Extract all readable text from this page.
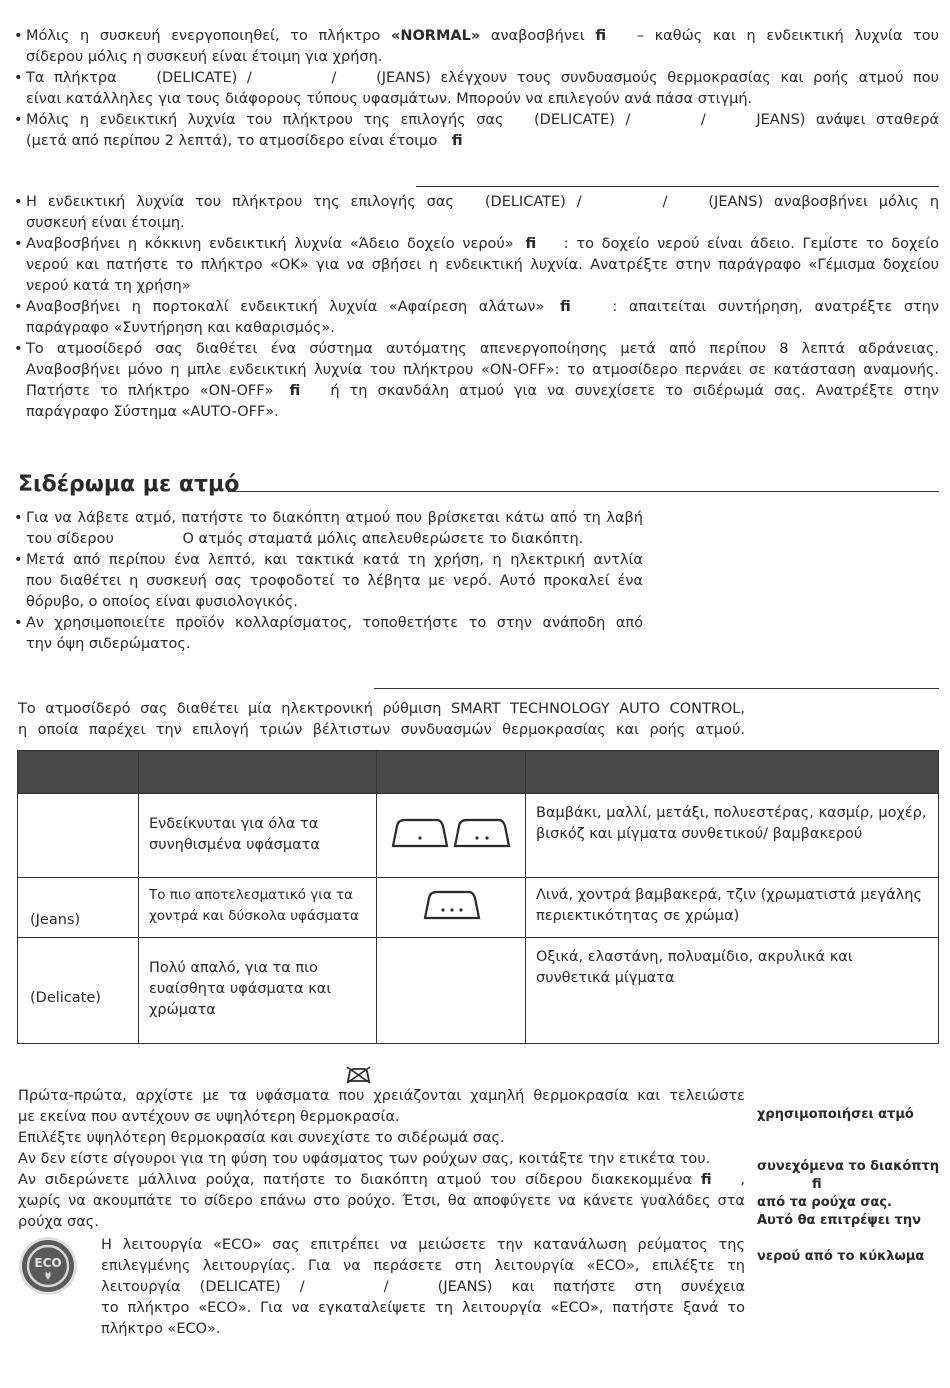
• Μόλις η συσκευή ενεργοποιηθεί, το πλήκτρο «NORMAL» αναβοσβήνει ﬁ – καθώς και η ενδεικτική λυχνία του
σίδερου μόλις η συσκευή είναι έτοιμη για χρήση.
• Τα πλήκτρα	(DELICATE) /	/	(JEANS) ελέγχουν τους συνδυασμούς θερμοκρασίας και ροής ατμού που
είναι κατάλληλες για τους διάφορους τύπους υφασμάτων. Μπορούν να επιλεγούν ανά πάσα στιγμή.
• Μόλις η ενδεικτική λυχνία του πλήκτρου της επιλογής σας (DELICATE) /	/	JEANS) ανάψει σταθερά
(μετά από περίπου 2 λεπτά), το ατμοσίδερο είναι έτοιμο ﬁ
• Η ενδεικτική λυχνία του πλήκτρου της επιλογής σας (DELICATE) /	/	(JEANS) αναβοσβήνει μόλις η
συσκευή είναι έτοιμη.
• Αναβοσβήνει η κόκκινη ενδεικτική λυχνία «Άδειο δοχείο νερού» ﬁ : το δοχείο νερού είναι άδειο. Γεμίστε το δοχείο
νερού και πατήστε το πλήκτρο «OK» για να σβήσει η ενδεικτική λυχνία. Ανατρέξτε στην παράγραφο «Γέμισμα δοχείου
νερού κατά τη χρήση»
• Αναβοσβήνει η πορτοκαλί ενδεικτική λυχνία «Αφαίρεση αλάτων» ﬁ	: απαιτείται συντήρηση, ανατρέξτε στην
παράγραφο «Συντήρηση και καθαρισμός».
• Το ατμοσίδερό σας διαθέτει ένα σύστημα αυτόματης απενεργοποίησης μετά από περίπου 8 λεπτά αδράνειας.
Αναβοσβήνει μόνο η μπλε ενδεικτική λυχνία του πλήκτρου «ON-OFF»: το ατμοσίδερο περνάει σε κατάσταση αναμονής.
Πατήστε το πλήκτρο «ON-OFF» ﬁ ή τη σκανδάλη ατμού για να συνεχίσετε το σιδέρωμά σας. Ανατρέξτε στην
παράγραφο Σύστημα «AUTO-OFF».
Σιδέρωμα με ατμό
• Για να λάβετε ατμό, πατήστε το διακόπτη ατμού που βρίσκεται κάτω από τη λαβή
του σίδερου	Ο ατμός σταματά μόλις απελευθερώσετε το διακόπτη.
• Μετά από περίπου ένα λεπτό, και τακτικά κατά τη χρήση, η ηλεκτρική αντλία
που διαθέτει η συσκευή σας τροφοδοτεί το λέβητα με νερό. Αυτό προκαλεί ένα
θόρυβο, ο οποίος είναι φυσιολογικός.
• Αν χρησιμοποιείτε προϊόν κολλαρίσματος, τοποθετήστε το στην ανάποδη από
την όψη σιδερώματος.
Το ατμοσίδερό σας διαθέτει μία ηλεκτρονική ρύθμιση SMART TECHNOLOGY AUTO CONTROL,
η οποία παρέχει την επιλογή τριών βέλτιστων συνδυασμών θερμοκρασίας και ροής ατμού.

	Ενδείκνυται για όλα τα συνηθισμένα υφάσματα		Βαμβάκι, μαλλί, μετάξι, πολυεστέρας, κασμίρ, μοχέρ, βισκόζ και μίγματα συνθετικού/ βαμβακερού

(Jeans)	Το πιο αποτελεσματικό για τα χοντρά και δύσκολα υφάσματα		Λινά, χοντρά βαμβακερά, τζιν (χρωματιστά μεγάλης περιεκτικότητας σε χρώμα)

(Delicate)	Πολύ απαλό, για τα πιο ευαίσθητα υφάσματα και χρώματα		Οξικά, ελαστάνη, πολυαμίδιο, ακρυλικά και συνθετικά μίγματα
Πρώτα-πρώτα, αρχίστε με τα υφάσματα που χρειάζονται χαμηλή θερμοκρασία και τελειώστε
με εκείνα που αντέχουν σε υψηλότερη θερμοκρασία.
Επιλέξτε υψηλότερη θερμοκρασία και συνεχίστε το σιδέρωμά σας.
Αν δεν είστε σίγουροι για τη φύση του υφάσματος των ρούχων σας, κοιτάξτε την ετικέτα του.
Αν σιδερώνετε μάλλινα ρούχα, πατήστε το διακόπτη ατμού του σίδερου διακεκομμένα ﬁ ,
χωρίς να ακουμπάτε το σίδερο επάνω στο ρούχο. Έτσι, θα αποφύγετε να κάνετε γυαλάδες στα
ρούχα σας.
ECO
Η λειτουργία «ECO» σας επιτρέπει να μειώσετε την κατανάλωση ρεύματος της
επιλεγμένης λειτουργίας. Για να περάσετε στη λειτουργία «ECO», επιλέξτε τη
λειτουργία (DELICATE) /	/	(JEANS) και πατήστε στη συνέχεια
το πλήκτρο «ECO». Για να εγκαταλείψετε τη λειτουργία «ECO», πατήστε ξανά το
πλήκτρο «ECO».
χρησιμοποιήσει ατμό
συνεχόμενα το διακόπτη
ﬁ
από τα ρούχα σας.
Αυτό θα επιτρέψει την
νερού από το κύκλωμα
